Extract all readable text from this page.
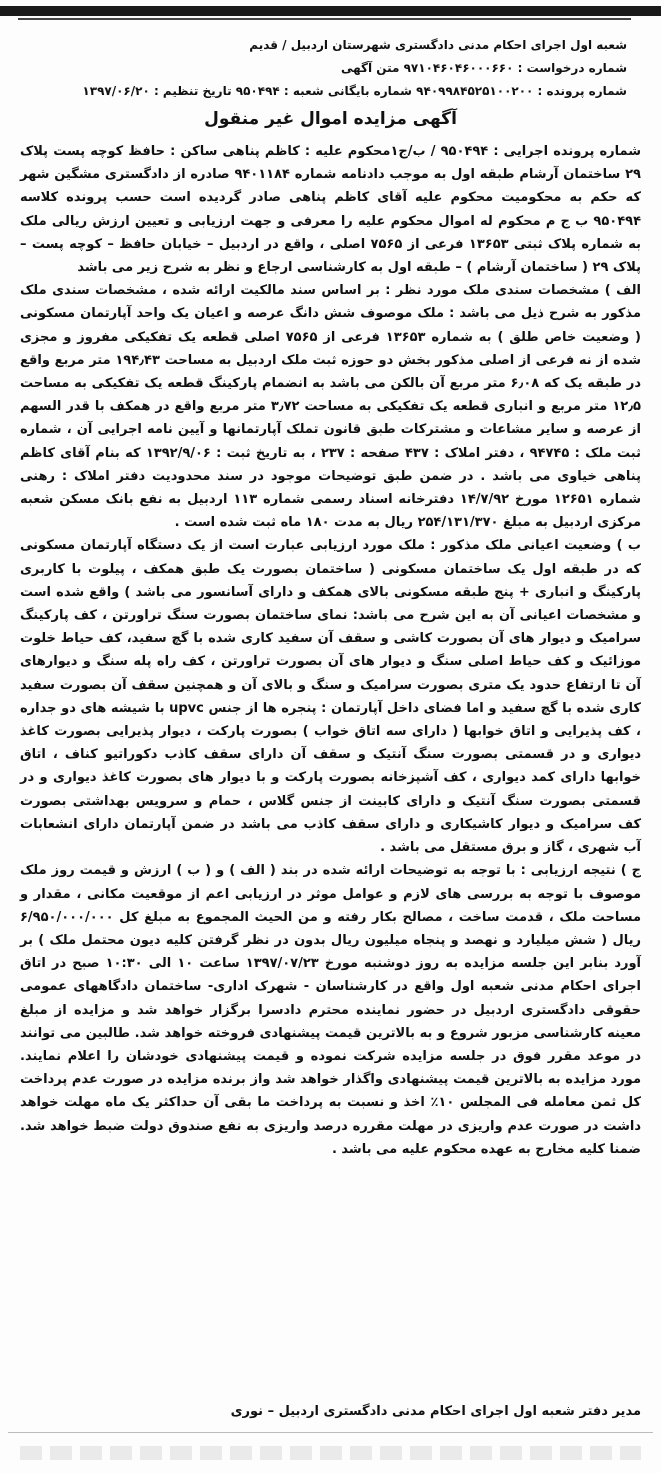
شعبه اول اجرای احکام مدنی دادگستری شهرستان اردبیل / قدیم
شماره درخواست : ۹۷۱۰۴۶۰۴۶۰۰۰۶۶۰ متن آگهی
شماره پرونده : ۹۴۰۹۹۸۴۵۲۵۱۰۰۲۰۰ شماره بایگانی شعبه : ۹۵۰۴۹۴ تاریخ تنظیم : ۱۳۹۷/۰۶/۲۰
آگهی مزایده اموال غیر منقول

شماره پرونده اجرایی : ۹۵۰۴۹۴ / ب/ج۱محکوم علیه : کاظم پناهی ساکن : حافظ کوچه پست پلاک ۲۹ ساختمان آرشام طبقه اول به موجب دادنامه شماره ۹۴۰۱۱۸۴ صادره از دادگستری مشگین شهر که حکم به محکومیت محکوم علیه آقای کاظم پناهی صادر گردیده است حسب پرونده کلاسه ۹۵۰۴۹۴ ب ج م محکوم له اموال محکوم علیه را معرفی و جهت ارزیابی و تعیین ارزش ریالی ملک به شماره پلاک ثبتی ۱۳۶۵۳ فرعی از ۷۵۶۵ اصلی ، واقع در اردبیل – خیابان حافظ – کوچه پست – پلاک ۲۹ ( ساختمان آرشام ) – طبقه اول به کارشناسی ارجاع و نظر به شرح زیر می باشد

الف ) مشخصات سندی ملک مورد نظر : بر اساس سند مالکیت ارائه شده ، مشخصات سندی ملک مذکور به شرح ذیل می باشد : ملک موصوف شش دانگ عرصه و اعیان یک واحد آپارتمان مسکونی ( وضعیت خاص طلق ) به شماره ۱۳۶۵۳ فرعی از ۷۵۶۵ اصلی قطعه یک تفکیکی مفروز و مجزی شده از نه فرعی از اصلی مذکور بخش دو حوزه ثبت ملک اردبیل به مساحت ۱۹۴٫۴۳ متر مربع واقع در طبقه یک که ۶٫۰۸ متر مربع آن بالکن می باشد به انضمام پارکینگ قطعه یک تفکیکی به مساحت ۱۲٫۵ متر مربع و انباری قطعه یک تفکیکی به مساحت ۳٫۷۲ متر مربع واقع در همکف با قدر السهم از عرصه و سایر مشاعات و مشترکات طبق قانون تملک آپارتمانها و آیین نامه اجرایی آن ، شماره ثبت ملک : ۹۴۷۴۵ ، دفتر املاک : ۴۳۷ صفحه : ۲۳۷ ، به تاریخ ثبت : ۱۳۹۲/۹/۰۶ که بنام آقای کاظم پناهی خیاوی می باشد . در ضمن طبق توضیحات موجود در سند محدودیت دفتر املاک : رهنی شماره ۱۲۶۵۱ مورخ ۱۴/۷/۹۲ دفترخانه اسناد رسمی شماره ۱۱۳ اردبیل به نفع بانک مسکن شعبه مرکزی اردبیل به مبلغ ۲۵۴/۱۳۱/۳۷۰ ریال به مدت ۱۸۰ ماه ثبت شده است .

ب ) وضعیت اعیانی ملک مذکور : ملک مورد ارزیابی عبارت است از یک دستگاه آپارتمان مسکونی که در طبقه اول یک ساختمان مسکونی ( ساختمان بصورت یک طبق همکف ، پیلوت با کاربری پارکینگ و انباری + پنج طبقه مسکونی بالای همکف و دارای آسانسور می باشد ) واقع شده است و مشخصات اعیانی آن به این شرح می باشد: نمای ساختمان بصورت سنگ تراورتن ، کف پارکینگ سرامیک و دیوار های آن بصورت کاشی و سقف آن سفید کاری شده با گچ سفید، کف حیاط خلوت موزائیک و کف حیاط اصلی سنگ و دیوار های آن بصورت تراورتن ، کف راه پله سنگ و دیوارهای آن تا ارتفاع حدود یک متری بصورت سرامیک و سنگ و بالای آن و همچنین سقف آن بصورت سفید کاری شده با گچ سفید و اما فضای داخل آپارتمان : پنجره ها از جنس upvc با شیشه های دو جداره ، کف پذیرایی و اتاق خوابها ( دارای سه اتاق خواب ) بصورت پارکت ، دیوار پذیرایی بصورت کاغذ دیواری و در قسمتی بصورت سنگ آنتیک و سقف آن دارای سقف کاذب دکوراتیو کناف ، اتاق خوابها دارای کمد دیواری ، کف آشپزخانه بصورت پارکت و با دیوار های بصورت کاغذ دیواری و در قسمتی بصورت سنگ آنتیک و دارای کابینت از جنس گلاس ، حمام و سرویس بهداشتی بصورت کف سرامیک و دیوار کاشیکاری و دارای سقف کاذب می باشد در ضمن آپارتمان دارای انشعابات آب شهری ، گاز و برق مستقل می باشد .

ج ) نتیجه ارزیابی : با توجه به توضیحات ارائه شده در بند ( الف ) و ( ب ) ارزش و قیمت روز ملک موصوف با توجه به بررسی های لازم و عوامل موثر در ارزیابی اعم از موقعیت مکانی ، مقدار و مساحت ملک ، قدمت ساخت ، مصالح بکار رفته و من الحیث المجموع به مبلغ کل ۶/۹۵۰/۰۰۰/۰۰۰ ریال ( شش میلیارد و نهصد و پنجاه میلیون ریال بدون در نظر گرفتن کلیه دیون محتمل ملک ) بر آورد بنابر این جلسه مزایده به روز دوشنبه مورخ ۱۳۹۷/۰۷/۲۳ ساعت ۱۰ الی ۱۰:۳۰ صبح در اتاق اجرای احکام مدنی شعبه اول واقع در کارشناسان - شهرک اداری- ساختمان دادگاههای عمومی حقوقی دادگستری اردبیل در حضور نماینده محترم دادسرا برگزار خواهد شد و مزایده از مبلغ معینه کارشناسی مزبور شروع و به بالاترین قیمت پیشنهادی فروخته خواهد شد. طالبین می توانند در موعد مقرر فوق در جلسه مزایده شرکت نموده و قیمت پیشنهادی خودشان را اعلام نمایند. مورد مزایده به بالاترین قیمت پیشنهادی واگذار خواهد شد واز برنده مزایده در صورت عدم پرداخت کل ثمن معامله فی المجلس ۱۰٪ اخذ و نسبت به پرداخت ما بقی آن حداکثر یک ماه مهلت خواهد داشت در صورت عدم واریزی در مهلت مقرره درصد واریزی به نفع صندوق دولت ضبط خواهد شد. ضمنا کلیه مخارج به عهده محکوم علیه می باشد .

مدیر دفتر شعبه اول اجرای احکام مدنی دادگستری اردبیل – نوری
